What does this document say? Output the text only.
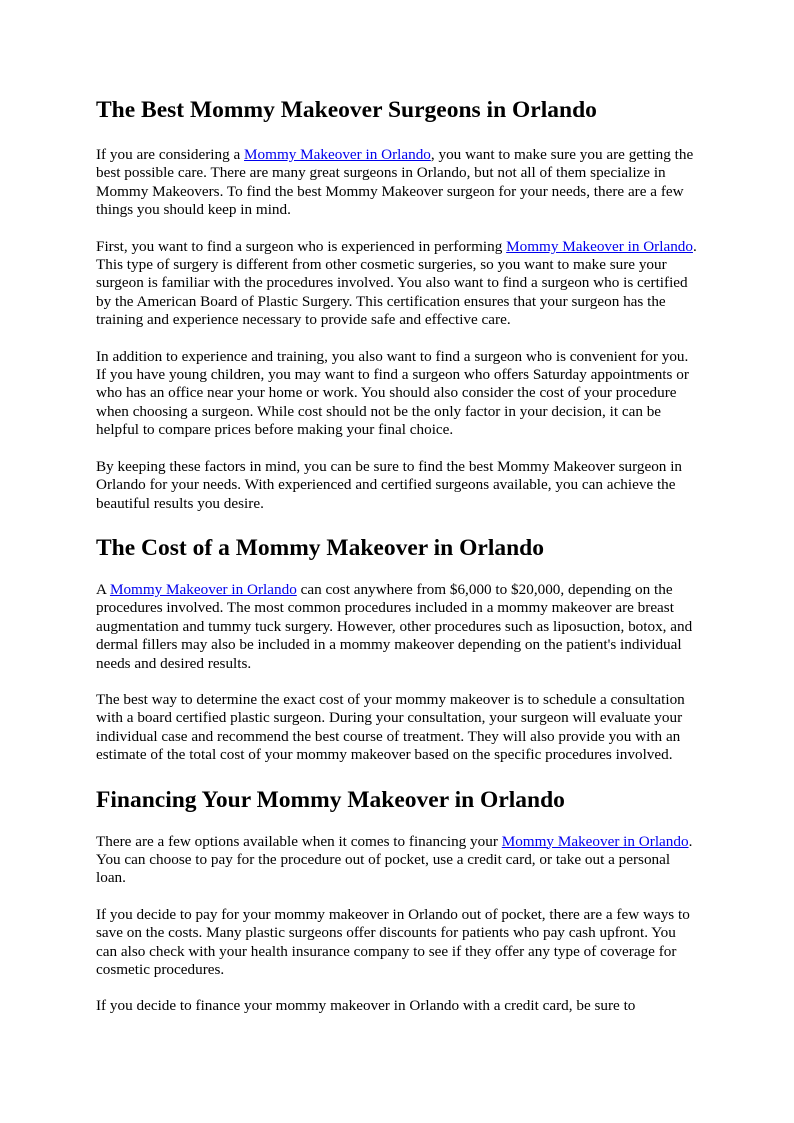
The Best Mommy Makeover Surgeons in Orlando

If you are considering a Mommy Makeover in Orlando, you want to make sure you are getting the best possible care. There are many great surgeons in Orlando, but not all of them specialize in Mommy Makeovers. To find the best Mommy Makeover surgeon for your needs, there are a few things you should keep in mind.

First, you want to find a surgeon who is experienced in performing Mommy Makeover in Orlando. This type of surgery is different from other cosmetic surgeries, so you want to make sure your surgeon is familiar with the procedures involved. You also want to find a surgeon who is certified by the American Board of Plastic Surgery. This certification ensures that your surgeon has the training and experience necessary to provide safe and effective care.

In addition to experience and training, you also want to find a surgeon who is convenient for you. If you have young children, you may want to find a surgeon who offers Saturday appointments or who has an office near your home or work. You should also consider the cost of your procedure when choosing a surgeon. While cost should not be the only factor in your decision, it can be helpful to compare prices before making your final choice.

By keeping these factors in mind, you can be sure to find the best Mommy Makeover surgeon in Orlando for your needs. With experienced and certified surgeons available, you can achieve the beautiful results you desire.

The Cost of a Mommy Makeover in Orlando

A Mommy Makeover in Orlando can cost anywhere from $6,000 to $20,000, depending on the procedures involved. The most common procedures included in a mommy makeover are breast augmentation and tummy tuck surgery. However, other procedures such as liposuction, botox, and dermal fillers may also be included in a mommy makeover depending on the patient's individual needs and desired results.

The best way to determine the exact cost of your mommy makeover is to schedule a consultation with a board certified plastic surgeon. During your consultation, your surgeon will evaluate your individual case and recommend the best course of treatment. They will also provide you with an estimate of the total cost of your mommy makeover based on the specific procedures involved.

Financing Your Mommy Makeover in Orlando

There are a few options available when it comes to financing your Mommy Makeover in Orlando. You can choose to pay for the procedure out of pocket, use a credit card, or take out a personal loan.

If you decide to pay for your mommy makeover in Orlando out of pocket, there are a few ways to save on the costs. Many plastic surgeons offer discounts for patients who pay cash upfront. You can also check with your health insurance company to see if they offer any type of coverage for cosmetic procedures.

If you decide to finance your mommy makeover in Orlando with a credit card, be sure to
